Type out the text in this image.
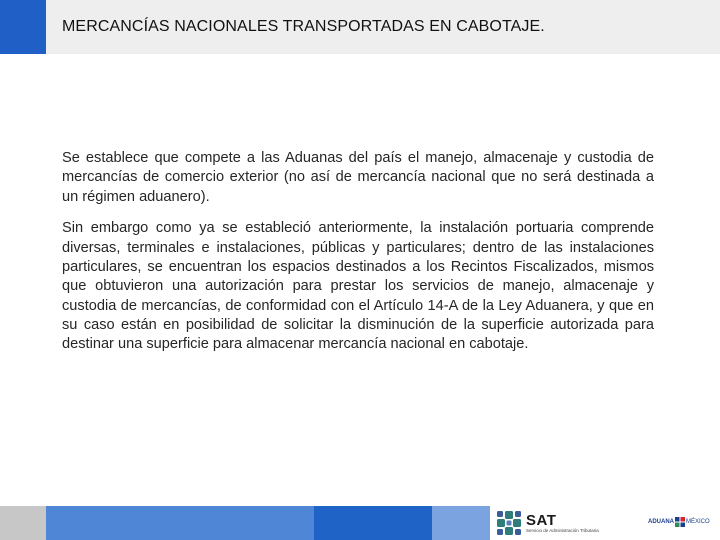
MERCANCÍAS NACIONALES TRANSPORTADAS EN CABOTAJE.

Se establece que compete a las Aduanas del país el manejo, almacenaje y custodia de mercancías de comercio exterior (no así de mercancía nacional que no será destinada a un régimen aduanero).

Sin embargo como ya se estableció anteriormente, la instalación portuaria comprende diversas, terminales e instalaciones, públicas y particulares; dentro de las instalaciones particulares, se encuentran los espacios destinados a los Recintos Fiscalizados, mismos que obtuvieron una autorización para prestar los servicios de manejo, almacenaje y custodia de mercancías, de conformidad con el Artículo 14-A de la Ley Aduanera, y que en su caso están en posibilidad de solicitar la disminución de la superficie autorizada para destinar una superficie para almacenar mercancía nacional en cabotaje.

SAT
Servicio de Administración Tributaria
ADUANA MÉXICO
